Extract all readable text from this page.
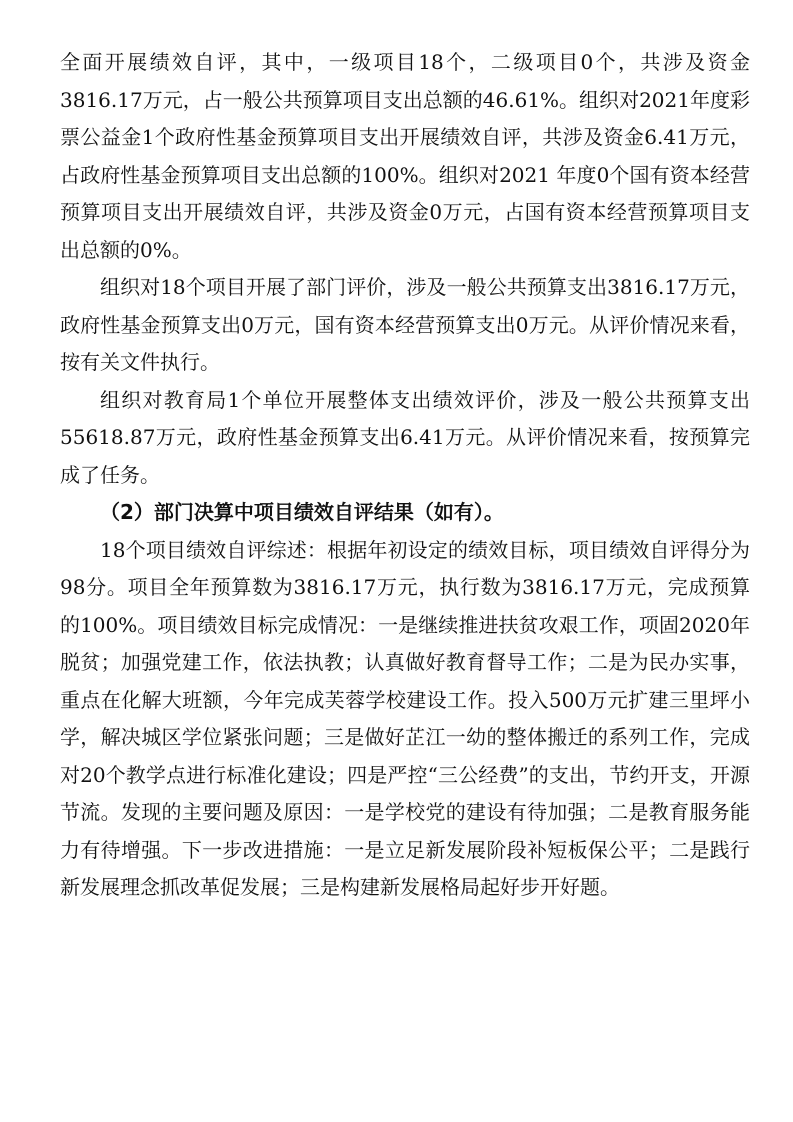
全面开展绩效自评，其中，一级项目18个，二级项目0个，共涉及资金3816.17万元，占一般公共预算项目支出总额的46.61%。组织对2021年度彩票公益金1个政府性基金预算项目支出开展绩效自评，共涉及资金6.41万元，占政府性基金预算项目支出总额的100%。组织对2021 年度0个国有资本经营预算项目支出开展绩效自评，共涉及资金0万元，占国有资本经营预算项目支出总额的0%。

组织对18个项目开展了部门评价，涉及一般公共预算支出3816.17万元，政府性基金预算支出0万元，国有资本经营预算支出0万元。从评价情况来看，按有关文件执行。

组织对教育局1个单位开展整体支出绩效评价，涉及一般公共预算支出55618.87万元，政府性基金预算支出6.41万元。从评价情况来看，按预算完成了任务。

（2）部门决算中项目绩效自评结果（如有）。

18个项目绩效自评综述：根据年初设定的绩效目标，项目绩效自评得分为98分。项目全年预算数为3816.17万元，执行数为3816.17万元，完成预算的100%。项目绩效目标完成情况：一是继续推进扶贫攻艰工作，项固2020年脱贫；加强党建工作，依法执教；认真做好教育督导工作；二是为民办实事，重点在化解大班额，今年完成芙蓉学校建设工作。投入500万元扩建三里坪小学，解决城区学位紧张问题；三是做好芷江一幼的整体搬迁的系列工作，完成对20个教学点进行标准化建设；四是严控“三公经费”的支出，节约开支，开源节流。发现的主要问题及原因：一是学校党的建设有待加强；二是教育服务能力有待增强。下一步改进措施：一是立足新发展阶段补短板保公平；二是践行新发展理念抓改革促发展；三是构建新发展格局起好步开好题。
